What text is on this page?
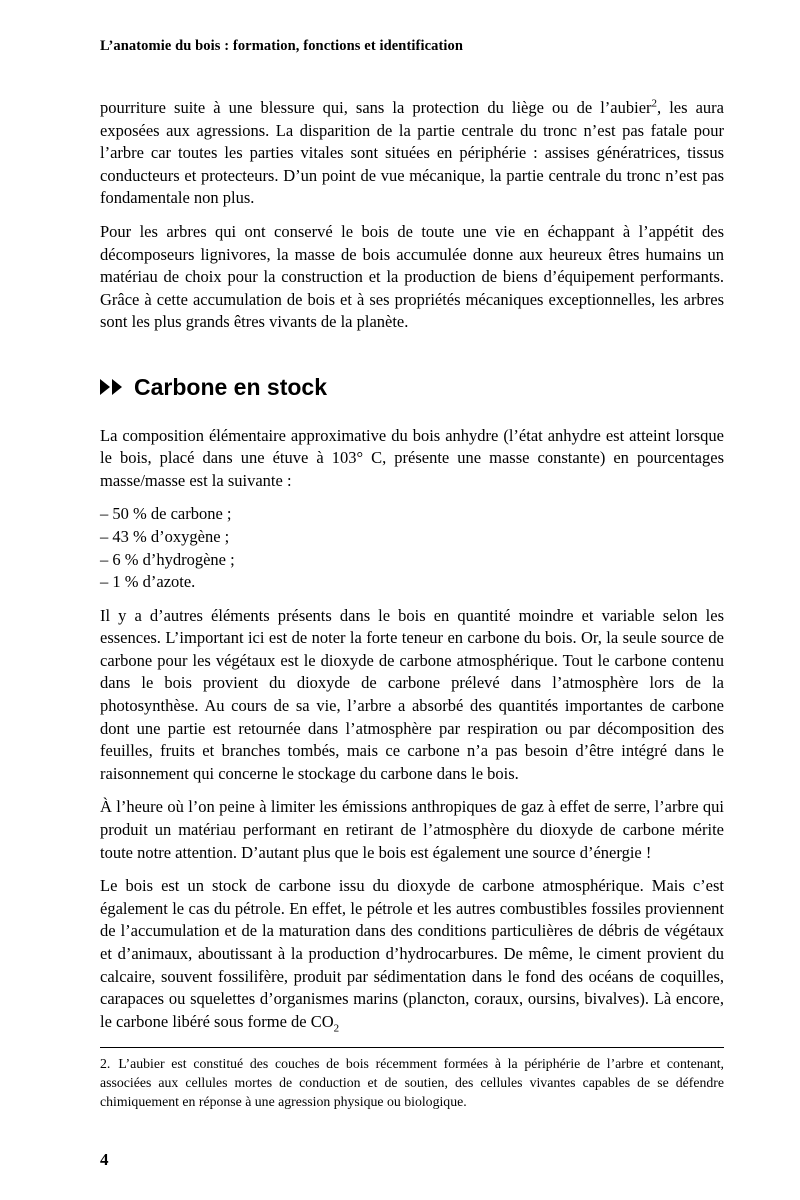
L’anatomie du bois : formation, fonctions et identification

pourriture suite à une blessure qui, sans la protection du liège ou de l’aubier$^2$, les aura exposées aux agressions. La disparition de la partie centrale du tronc n’est pas fatale pour l’arbre car toutes les parties vitales sont situées en périphérie : assises génératrices, tissus conducteurs et protecteurs. D’un point de vue mécanique, la partie centrale du tronc n’est pas fondamentale non plus.

Pour les arbres qui ont conservé le bois de toute une vie en échappant à l’appétit des décomposeurs lignivores, la masse de bois accumulée donne aux heureux êtres humains un matériau de choix pour la construction et la production de biens d’équipement performants. Grâce à cette accumulation de bois et à ses propriétés mécaniques exceptionnelles, les arbres sont les plus grands êtres vivants de la planète.

Carbone en stock

La composition élémentaire approximative du bois anhydre (l’état anhydre est atteint lorsque le bois, placé dans une étuve à 103° C, présente une masse constante) en pourcentages masse/masse est la suivante :

– 50 % de carbone ;
– 43 % d’oxygène ;
– 6 % d’hydrogène ;
– 1 % d’azote.

Il y a d’autres éléments présents dans le bois en quantité moindre et variable selon les essences. L’important ici est de noter la forte teneur en carbone du bois. Or, la seule source de carbone pour les végétaux est le dioxyde de carbone atmosphérique. Tout le carbone contenu dans le bois provient du dioxyde de carbone prélevé dans l’atmosphère lors de la photosynthèse. Au cours de sa vie, l’arbre a absorbé des quantités importantes de carbone dont une partie est retournée dans l’atmosphère par respiration ou par décomposition des feuilles, fruits et branches tombés, mais ce carbone n’a pas besoin d’être intégré dans le raisonnement qui concerne le stockage du carbone dans le bois.

À l’heure où l’on peine à limiter les émissions anthropiques de gaz à effet de serre, l’arbre qui produit un matériau performant en retirant de l’atmosphère du dioxyde de carbone mérite toute notre attention. D’autant plus que le bois est également une source d’énergie !

Le bois est un stock de carbone issu du dioxyde de carbone atmosphérique. Mais c’est également le cas du pétrole. En effet, le pétrole et les autres combustibles fossiles proviennent de l’accumulation et de la maturation dans des conditions particulières de débris de végétaux et d’animaux, aboutissant à la production d’hydrocarbures. De même, le ciment provient du calcaire, souvent fossilifère, produit par sédimentation dans le fond des océans de coquilles, carapaces ou squelettes d’organismes marins (plancton, coraux, oursins, bivalves). Là encore, le carbone libéré sous forme de $CO_2$

2. L’aubier est constitué des couches de bois récemment formées à la périphérie de l’arbre et contenant, associées aux cellules mortes de conduction et de soutien, des cellules vivantes capables de se défendre chimiquement en réponse à une agression physique ou biologique.

4
